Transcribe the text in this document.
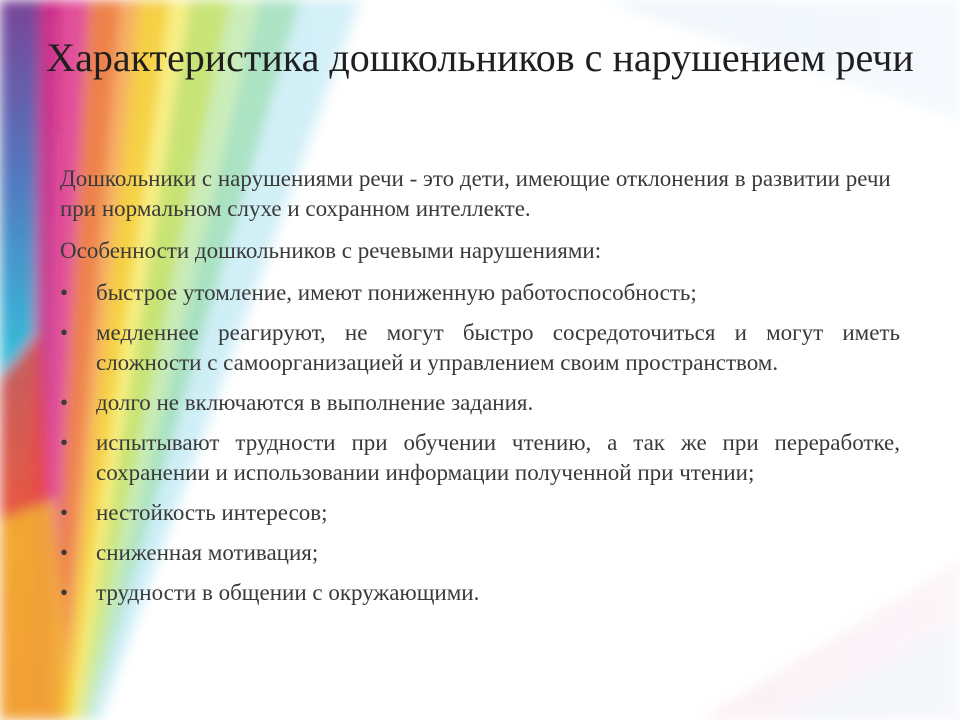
Характеристика дошкольников с нарушением речи

Дошкольники с нарушениями речи - это дети, имеющие отклонения в развитии речи при нормальном слухе и сохранном интеллекте.

Особенности дошкольников с речевыми нарушениями:

•	быстрое утомление, имеют пониженную работоспособность;
•	медленнее реагируют, не могут быстро сосредоточиться и могут иметь сложности с самоорганизацией и управлением своим пространством.
•	долго не включаются в выполнение задания.
•	испытывают трудности при обучении чтению, а так же при переработке, сохранении и использовании информации полученной при чтении;
•	нестойкость интересов;
•	сниженная мотивация;
•	трудности в общении с окружающими.
